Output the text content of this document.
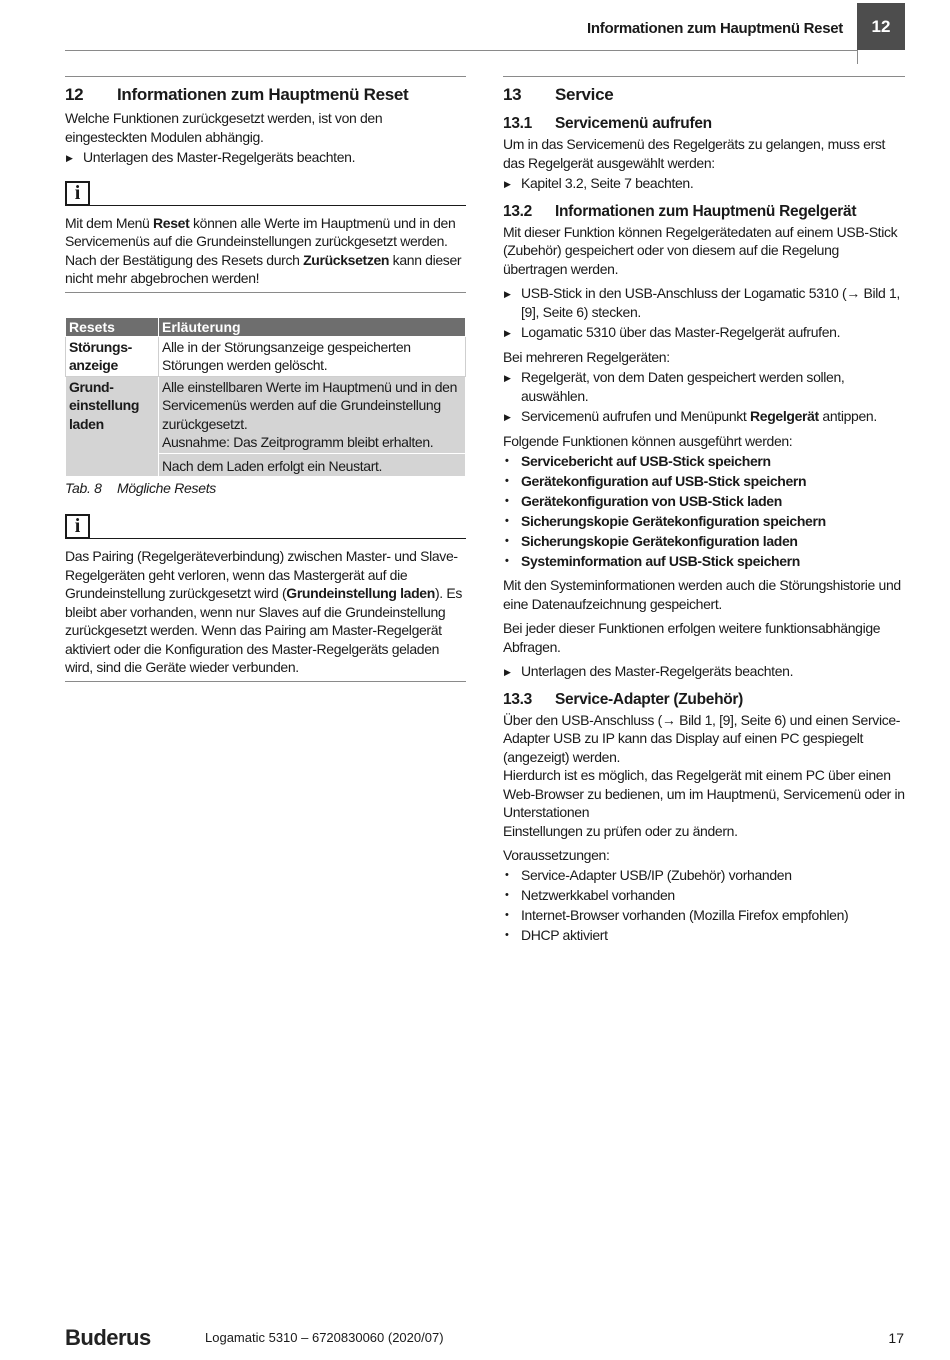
Informationen zum Hauptmenü Reset	12
12	Informationen zum Hauptmenü Reset

Welche Funktionen zurückgesetzt werden, ist von den eingesteckten Modulen abhängig.

▶ Unterlagen des Master-Regelgeräts beachten.
i

Mit dem Menü Reset können alle Werte im Hauptmenü und in den Servicemenüs auf die Grundeinstellungen zurückgesetzt werden. Nach der Bestätigung des Resets durch Zurücksetzen kann dieser nicht mehr abgebrochen werden!

Resets	Erläuterung
Störungs-
anzeige	Alle in der Störungsanzeige gespeicherten Störungen werden gelöscht.
Grund-
einstellung
laden	Alle einstellbaren Werte im Hauptmenü und in den Servicemenüs werden auf die Grundeinstellung zurückgesetzt.
Ausnahme: Das Zeitprogramm bleibt erhalten.
	Nach dem Laden erfolgt ein Neustart.
Tab. 8	Mögliche Resets
i

Das Pairing (Regelgeräteverbindung) zwischen Master- und Slave-Regelgeräten geht verloren, wenn das Mastergerät auf die Grundeinstellung zurückgesetzt wird (Grundeinstellung laden). Es bleibt aber vorhanden, wenn nur Slaves auf die Grundeinstellung zurückgesetzt werden. Wenn das Pairing am Master-Regelgerät aktiviert oder die Konfiguration des Master-Regelgeräts geladen wird, sind die Geräte wieder verbunden.

13	Service
13.1	Servicemenü aufrufen

Um in das Servicemenü des Regelgeräts zu gelangen, muss erst das Regelgerät ausgewählt werden:

▶ Kapitel 3.2, Seite 7 beachten.
13.2	Informationen zum Hauptmenü Regelgerät

Mit dieser Funktion können Regelgerätedaten auf einem USB-Stick (Zubehör) gespeichert oder von diesem auf die Regelung übertragen werden.

▶ USB-Stick in den USB-Anschluss der Logamatic 5310 (→ Bild 1, [9], Seite 6) stecken.
▶ Logamatic 5310 über das Master-Regelgerät aufrufen.

Bei mehreren Regelgeräten:

▶ Regelgerät, von dem Daten gespeichert werden sollen, auswählen.
▶ Servicemenü aufrufen und Menüpunkt Regelgerät antippen.

Folgende Funktionen können ausgeführt werden:

• Servicebericht auf USB-Stick speichern
• Gerätekonfiguration auf USB-Stick speichern
• Gerätekonfiguration von USB-Stick laden
• Sicherungskopie Gerätekonfiguration speichern
• Sicherungskopie Gerätekonfiguration laden
• Systeminformation auf USB-Stick speichern

Mit den Systeminformationen werden auch die Störungshistorie und eine Datenaufzeichnung gespeichert.

Bei jeder dieser Funktionen erfolgen weitere funktionsabhängige Abfragen.

▶ Unterlagen des Master-Regelgeräts beachten.
13.3	Service-Adapter (Zubehör)

Über den USB-Anschluss (→ Bild 1, [9], Seite 6) und einen Service-Adapter USB zu IP kann das Display auf einen PC gespiegelt (angezeigt) werden.

Hierdurch ist es möglich, das Regelgerät mit einem PC über einen Web-Browser zu bedienen, um im Hauptmenü, Servicemenü oder in Unterstationen

Einstellungen zu prüfen oder zu ändern.

Voraussetzungen:

• Service-Adapter USB/IP (Zubehör) vorhanden
• Netzwerkkabel vorhanden
• Internet-Browser vorhanden (Mozilla Firefox empfohlen)
• DHCP aktiviert
Buderus	Logamatic 5310 – 6720830060 (2020/07)	17
